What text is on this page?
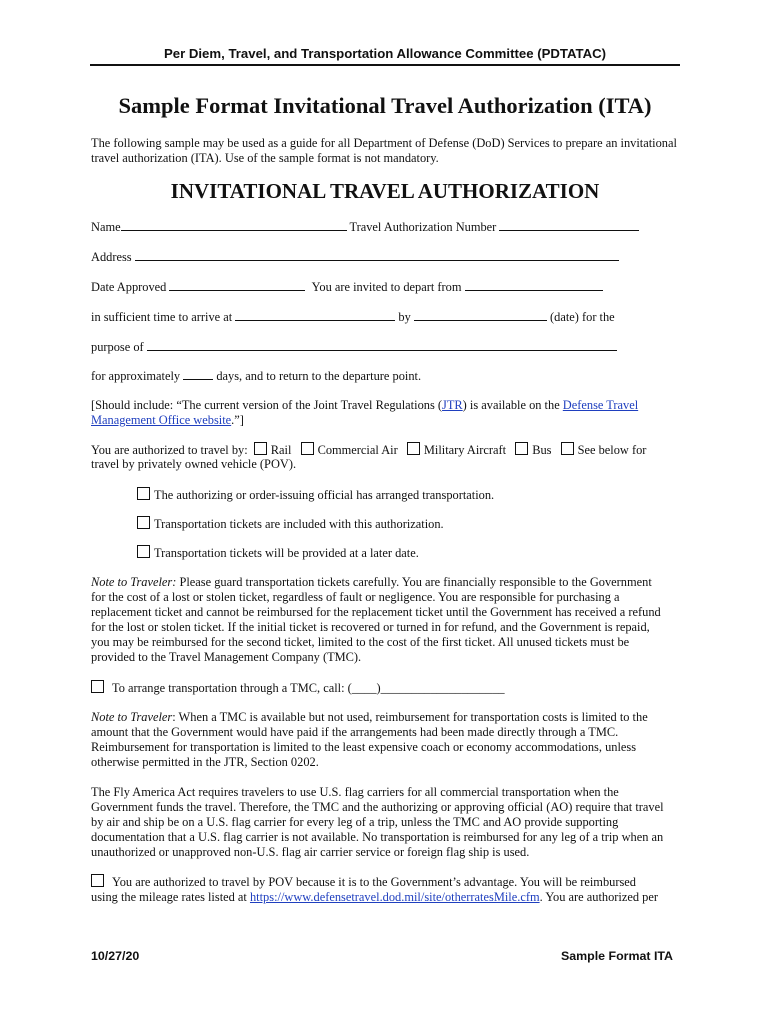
Per Diem, Travel, and Transportation Allowance Committee (PDTATAC)
Sample Format Invitational Travel Authorization (ITA)

The following sample may be used as a guide for all Department of Defense (DoD) Services to prepare an invitational travel authorization (ITA). Use of the sample format is not mandatory.

INVITATIONAL TRAVEL AUTHORIZATION
Name	Travel Authorization Number
Address
Date Approved	You are invited to depart from
in sufficient time to arrive at	by	(date) for the
purpose of
for approximately	days, and to return to the departure point.
[Should include: “The current version of the Joint Travel Regulations (JTR) is available on the Defense Travel
Management Office website.”]
You are authorized to travel by: Rail Commercial Air Military Aircraft Bus See below for
travel by privately owned vehicle (POV).
The authorizing or order-issuing official has arranged transportation.
Transportation tickets are included with this authorization.
Transportation tickets will be provided at a later date.
Note to Traveler: Please guard transportation tickets carefully. You are financially responsible to the Government
for the cost of a lost or stolen ticket, regardless of fault or negligence. You are responsible for purchasing a
replacement ticket and cannot be reimbursed for the replacement ticket until the Government has received a refund
for the lost or stolen ticket. If the initial ticket is recovered or turned in for refund, and the Government is repaid,
you may be reimbursed for the second ticket, limited to the cost of the first ticket. All unused tickets must be
provided to the Travel Management Company (TMC).
To arrange transportation through a TMC, call: (____)____________________
Note to Traveler: When a TMC is available but not used, reimbursement for transportation costs is limited to the
amount that the Government would have paid if the arrangements had been made directly through a TMC.
Reimbursement for transportation is limited to the least expensive coach or economy accommodations, unless
otherwise permitted in the JTR, Section 0202.
The Fly America Act requires travelers to use U.S. flag carriers for all commercial transportation when the
Government funds the travel. Therefore, the TMC and the authorizing or approving official (AO) require that travel
by air and ship be on a U.S. flag carrier for every leg of a trip, unless the TMC and AO provide supporting
documentation that a U.S. flag carrier is not available. No transportation is reimbursed for any leg of a trip when an
unauthorized or unapproved non-U.S. flag air carrier service or foreign flag ship is used.
You are authorized to travel by POV because it is to the Government’s advantage. You will be reimbursed
using the mileage rates listed at https://www.defensetravel.dod.mil/site/otherratesMile.cfm. You are authorized per
10/27/20	Sample Format ITA
